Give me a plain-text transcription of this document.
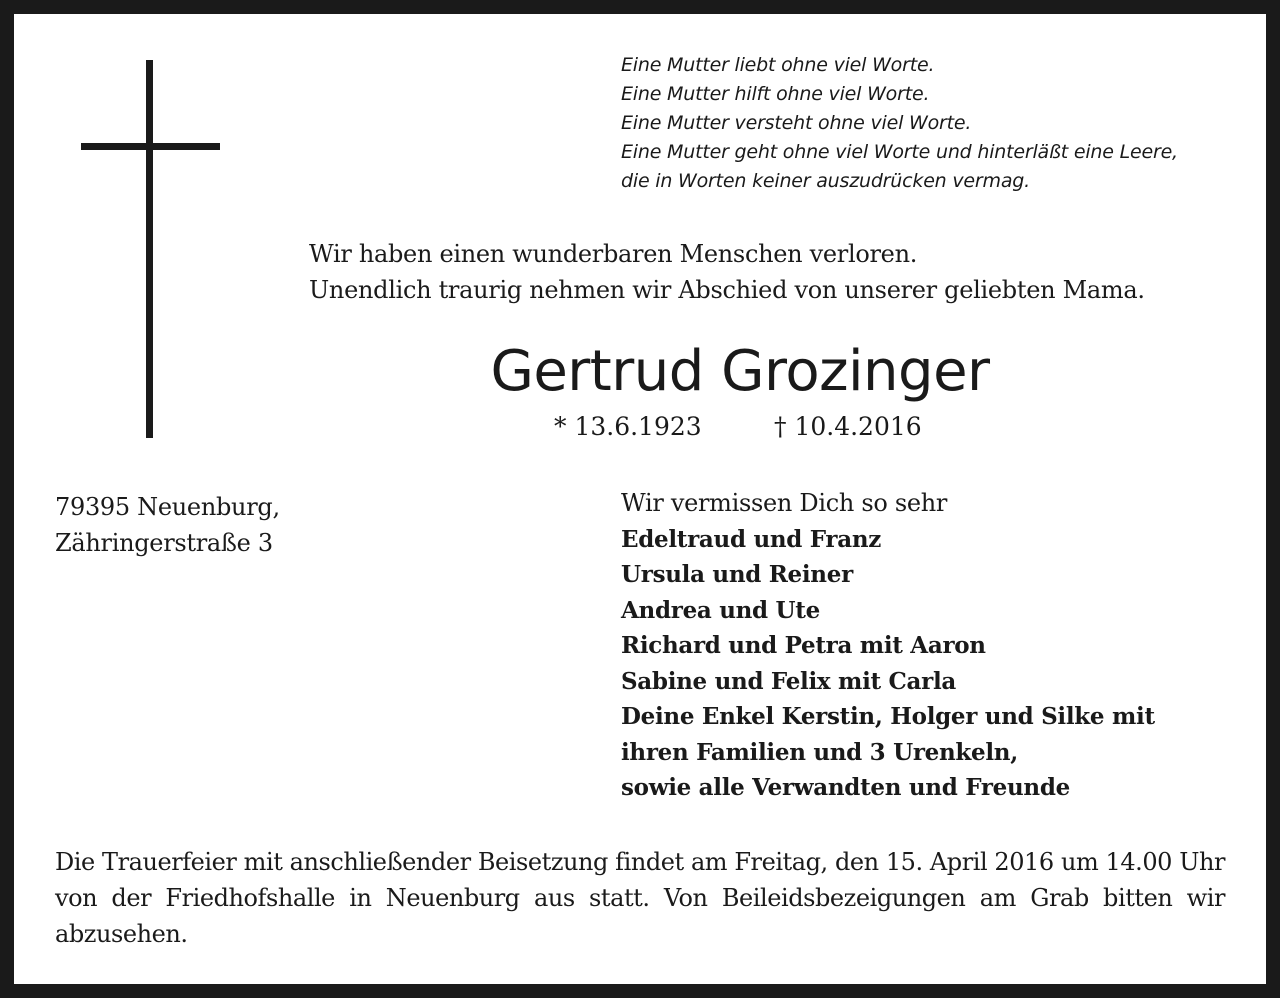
Eine Mutter liebt ohne viel Worte.
Eine Mutter hilft ohne viel Worte.
Eine Mutter versteht ohne viel Worte.
Eine Mutter geht ohne viel Worte und hinterläßt eine Leere,
die in Worten keiner auszudrücken vermag.
Wir haben einen wunderbaren Menschen verloren.
Unendlich traurig nehmen wir Abschied von unserer geliebten Mama.
Gertrud Grozinger
* 13.6.1923	† 10.4.2016
79395 Neuenburg,
Zähringerstraße 3
Wir vermissen Dich so sehr
Edeltraud und Franz
Ursula und Reiner
Andrea und Ute
Richard und Petra mit Aaron
Sabine und Felix mit Carla
Deine Enkel Kerstin, Holger und Silke mit
ihren Familien und 3 Urenkeln,
sowie alle Verwandten und Freunde
Die Trauerfeier mit anschließender Beisetzung findet am Freitag, den 15. April 2016 um 14.00 Uhr von der Friedhofshalle in Neuenburg aus statt. Von Beileidsbezeigungen am Grab bitten wir abzusehen.
